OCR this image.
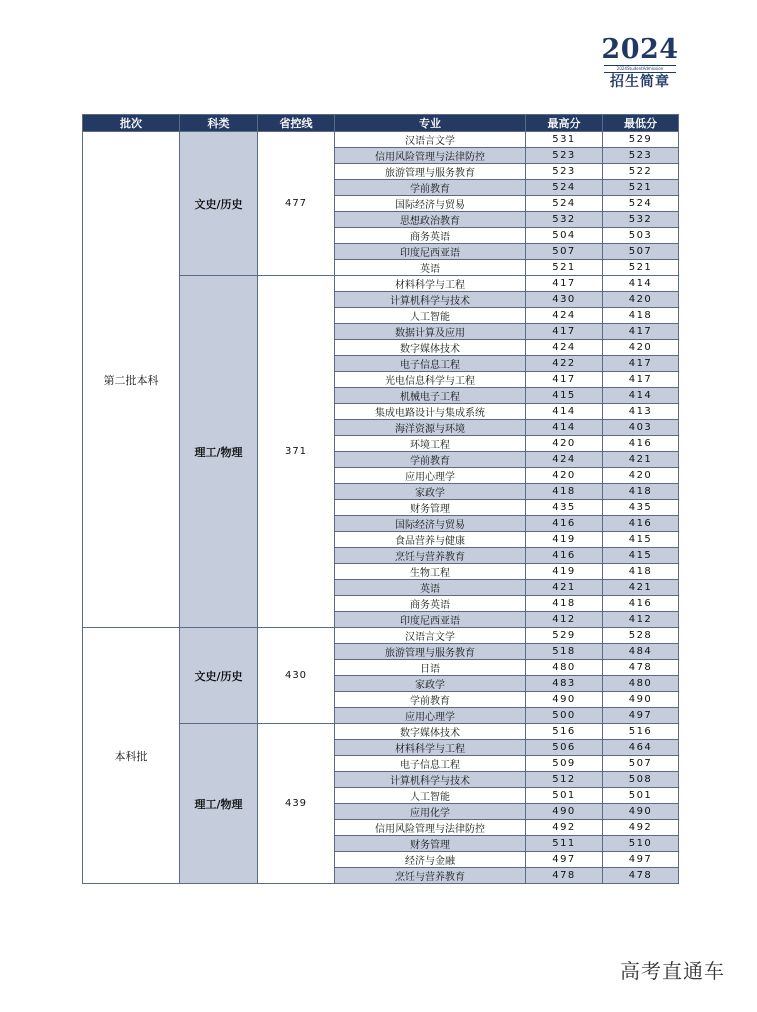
2024
2024StudentAdmission
招生简章
批次	科类	省控线	专业	最高分	最低分
第二批本科	文史/历史	477	汉语言文学	531	529
			信用风险管理与法律防控	523	523
			旅游管理与服务教育	523	522
			学前教育	524	521
			国际经济与贸易	524	524
			思想政治教育	532	532
			商务英语	504	503
			印度尼西亚语	507	507
			英语	521	521
	理工/物理	371	材料科学与工程	417	414
			计算机科学与技术	430	420
			人工智能	424	418
			数据计算及应用	417	417
			数字媒体技术	424	420
			电子信息工程	422	417
			光电信息科学与工程	417	417
			机械电子工程	415	414
			集成电路设计与集成系统	414	413
			海洋资源与环境	414	403
			环境工程	420	416
			学前教育	424	421
			应用心理学	420	420
			家政学	418	418
			财务管理	435	435
			国际经济与贸易	416	416
			食品营养与健康	419	415
			烹饪与营养教育	416	415
			生物工程	419	418
			英语	421	421
			商务英语	418	416
			印度尼西亚语	412	412
本科批	文史/历史	430	汉语言文学	529	528
			旅游管理与服务教育	518	484
			日语	480	478
			家政学	483	480
			学前教育	490	490
			应用心理学	500	497
	理工/物理	439	数字媒体技术	516	516
			材料科学与工程	506	464
			电子信息工程	509	507
			计算机科学与技术	512	508
			人工智能	501	501
			应用化学	490	490
			信用风险管理与法律防控	492	492
			财务管理	511	510
			经济与金融	497	497
			烹饪与营养教育	478	478
高考直通车
